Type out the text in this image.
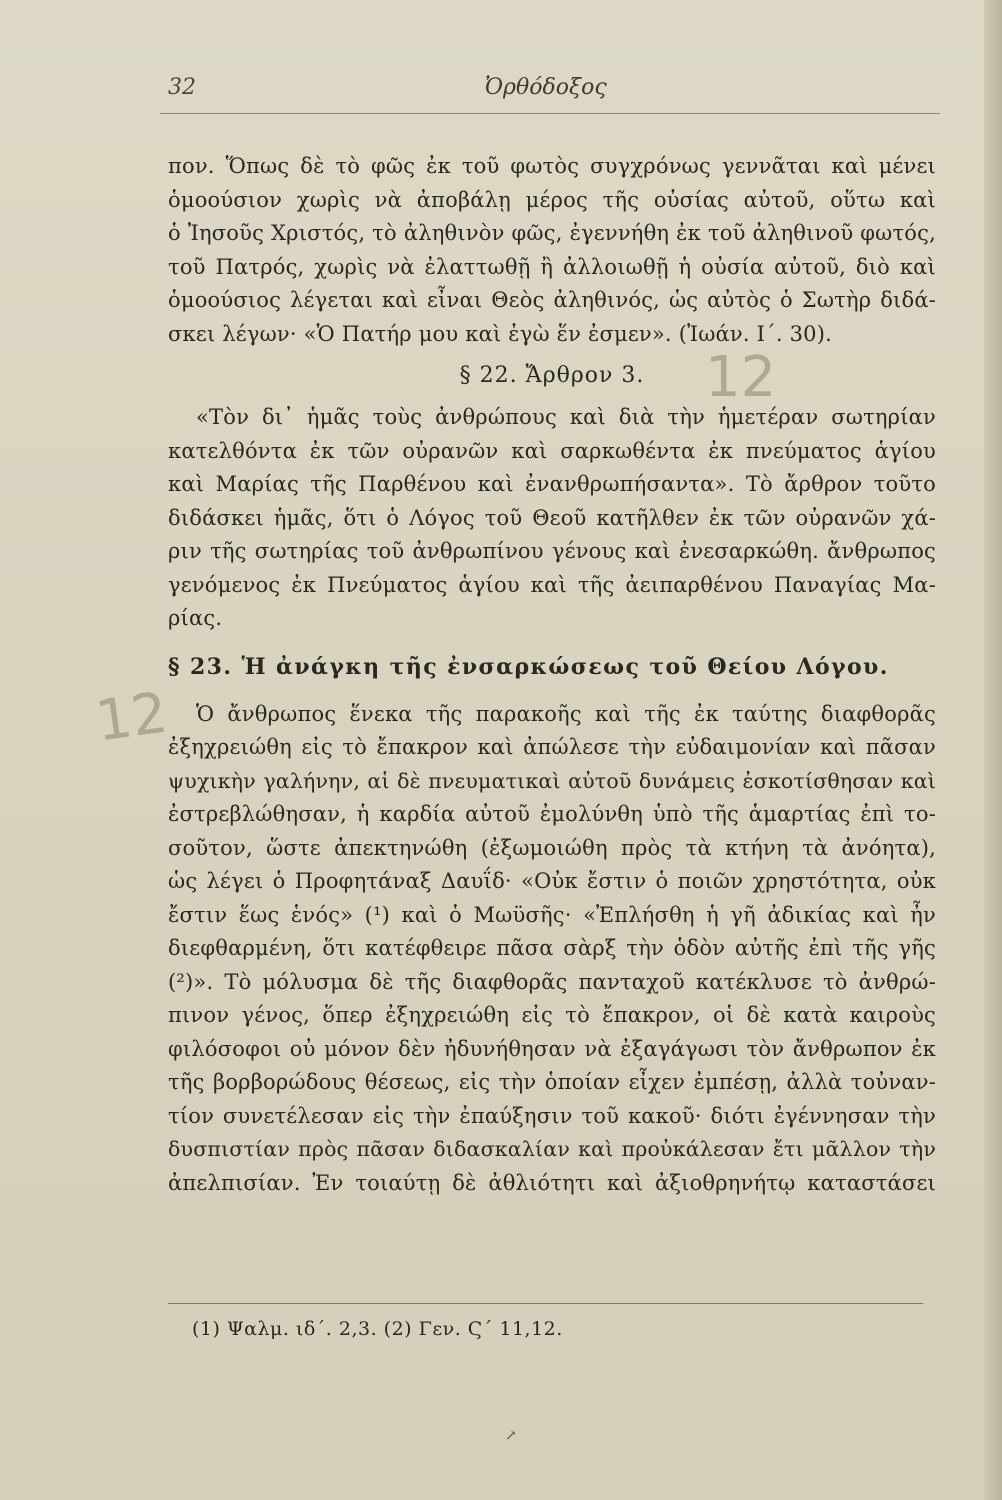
32	Ὀρθόδοξος
πον. Ὅπως δὲ τὸ φῶς ἐκ τοῦ φωτὸς συγχρόνως γεννᾶται καὶ μένει
ὁμοούσιον χωρὶς νὰ ἀποβάλῃ μέρος τῆς οὐσίας αὐτοῦ, οὕτω καὶ
ὁ Ἰησοῦς Χριστός, τὸ ἀληθινὸν φῶς, ἐγεννήθη ἐκ τοῦ ἀληθινοῦ φωτός,
τοῦ Πατρός, χωρὶς νὰ ἐλαττωθῇ ἢ ἀλλοιωθῇ ἡ οὐσία αὐτοῦ, διὸ καὶ
ὁμοούσιος λέγεται καὶ εἶναι Θεὸς ἀληθινός, ὡς αὐτὸς ὁ Σωτὴρ διδά-
σκει λέγων· «Ὁ Πατήρ μου καὶ ἐγὼ ἕν ἐσμεν». (Ἰωάν. Ι΄. 30).
§ 22. Ἄρθρον 3.
«Τὸν δι᾽ ἡμᾶς τοὺς ἀνθρώπους καὶ διὰ τὴν ἡμετέραν σωτηρίαν
κατελθόντα ἐκ τῶν οὐρανῶν καὶ σαρκωθέντα ἐκ πνεύματος ἁγίου
καὶ Μαρίας τῆς Παρθένου καὶ ἐνανθρωπήσαντα». Τὸ ἄρθρον τοῦτο
διδάσκει ἡμᾶς, ὅτι ὁ Λόγος τοῦ Θεοῦ κατῆλθεν ἐκ τῶν οὐρανῶν χά-
ριν τῆς σωτηρίας τοῦ ἀνθρωπίνου γένους καὶ ἐνεσαρκώθη. ἄνθρωπος
γενόμενος ἐκ Πνεύματος ἁγίου καὶ τῆς ἀειπαρθένου Παναγίας Μα-
ρίας.
§ 23. Ἡ ἀνάγκη τῆς ἐνσαρκώσεως τοῦ Θείου Λόγου.
Ὁ ἄνθρωπος ἕνεκα τῆς παρακοῆς καὶ τῆς ἐκ ταύτης διαφθορᾶς
ἐξηχρειώθη εἰς τὸ ἔπακρον καὶ ἀπώλεσε τὴν εὐδαιμονίαν καὶ πᾶσαν
ψυχικὴν γαλήνην, αἱ δὲ πνευματικαὶ αὐτοῦ δυνάμεις ἐσκοτίσθησαν καὶ
ἐστρεβλώθησαν, ἡ καρδία αὐτοῦ ἐμολύνθη ὑπὸ τῆς ἁμαρτίας ἐπὶ το-
σοῦτον, ὥστε ἀπεκτηνώθη (ἐξωμοιώθη πρὸς τὰ κτήνη τὰ ἀνόητα),
ὡς λέγει ὁ Προφητάναξ Δαυΐδ· «Οὐκ ἔστιν ὁ ποιῶν χρηστότητα, οὐκ
ἔστιν ἕως ἑνός» (¹) καὶ ὁ Μωϋσῆς· «Ἐπλήσθη ἡ γῆ ἀδικίας καὶ ἦν
διεφθαρμένη, ὅτι κατέφθειρε πᾶσα σὰρξ τὴν ὁδὸν αὐτῆς ἐπὶ τῆς γῆς
(²)». Τὸ μόλυσμα δὲ τῆς διαφθορᾶς πανταχοῦ κατέκλυσε τὸ ἀνθρώ-
πινον γένος, ὅπερ ἐξηχρειώθη εἰς τὸ ἔπακρον, οἱ δὲ κατὰ καιροὺς
φιλόσοφοι οὐ μόνον δὲν ἠδυνήθησαν νὰ ἐξαγάγωσι τὸν ἄνθρωπον ἐκ
τῆς βορβορώδους θέσεως, εἰς τὴν ὁποίαν εἶχεν ἐμπέσῃ, ἀλλὰ τοὐναν-
τίον συνετέλεσαν εἰς τὴν ἐπαύξησιν τοῦ κακοῦ· διότι ἐγέννησαν τὴν
δυσπιστίαν πρὸς πᾶσαν διδασκαλίαν καὶ προὐκάλεσαν ἔτι μᾶλλον τὴν
ἀπελπισίαν. Ἐν τοιαύτῃ δὲ ἀθλιότητι καὶ ἀξιοθρηνήτῳ καταστάσει
12
12
(1) Ψαλμ. ιδ΄. 2,3. (2) Γεν. Ϛ΄ 11,12.
↗
